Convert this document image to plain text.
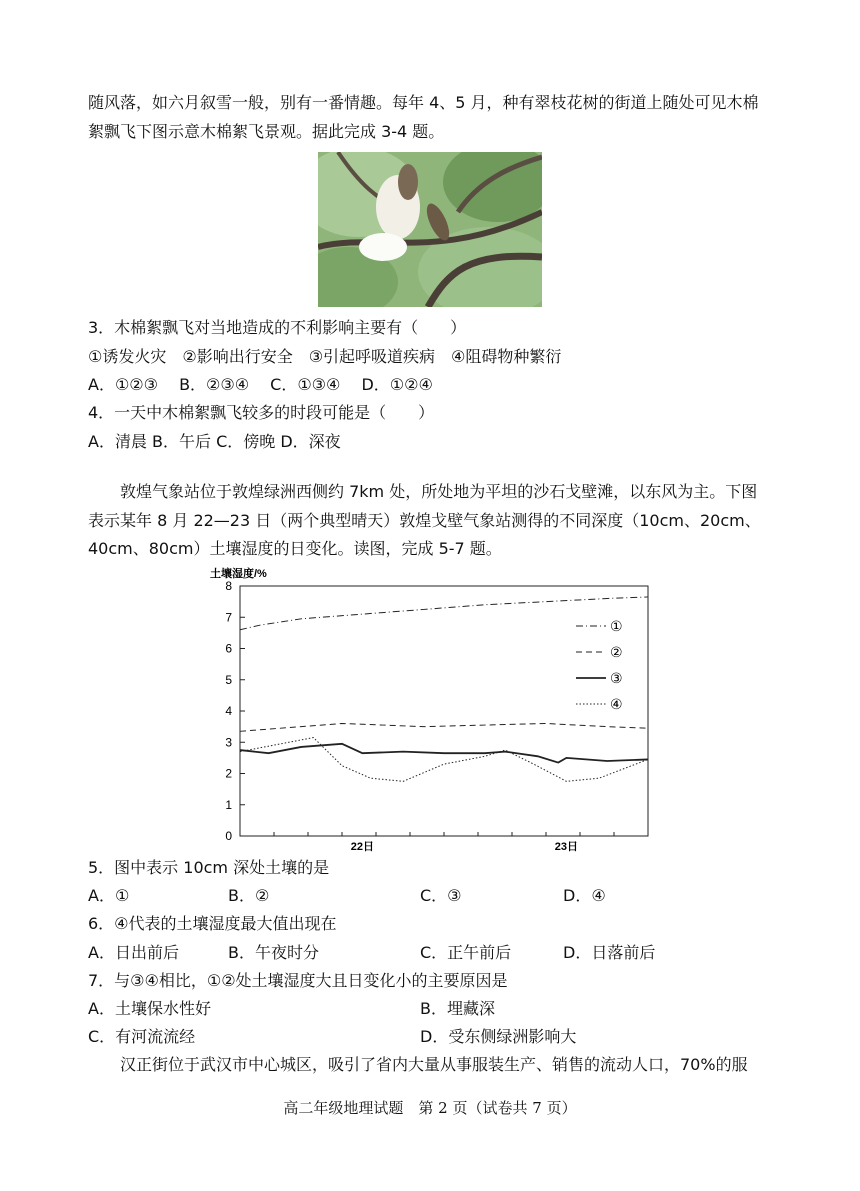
随风落，如六月叙雪一般，别有一番情趣。每年 4、5 月，种有翠枝花树的街道上随处可见木棉
絮飘飞下图示意木棉絮飞景观。据此完成 3-4 题。
3．木棉絮飘飞对当地造成的不利影响主要有（　　）
①诱发火灾　②影响出行安全　③引起呼吸道疾病　④阻碍物种繁衍
A．①②③　 B．②③④　 C．①③④　 D．①②④
4．一天中木棉絮飘飞较多的时段可能是（　　）
A．清晨 B．午后 C．傍晚 D．深夜
敦煌气象站位于敦煌绿洲西侧约 7km 处，所处地为平坦的沙石戈壁滩，以东风为主。下图
表示某年 8 月 22—23 日（两个典型晴天）敦煌戈壁气象站测得的不同深度（10cm、20cm、
40cm、80cm）土壤湿度的日变化。读图，完成 5-7 题。
土壤湿度/%
0
1
2
3
4
5
6
7
8
22日	23日
①
②
③
④
5．图中表示 10cm 深处土壤的是
A．①	B．②	C．③	D．④
6．④代表的土壤湿度最大值出现在
A．日出前后	B．午夜时分	C．正午前后	D．日落前后
7．与③④相比，①②处土壤湿度大且日变化小的主要原因是
A．土壤保水性好	B．埋藏深
C．有河流流经	D．受东侧绿洲影响大
汉正街位于武汉市中心城区，吸引了省内大量从事服装生产、销售的流动人口，70%的服
高二年级地理试题　第 2 页（试卷共 7 页）
